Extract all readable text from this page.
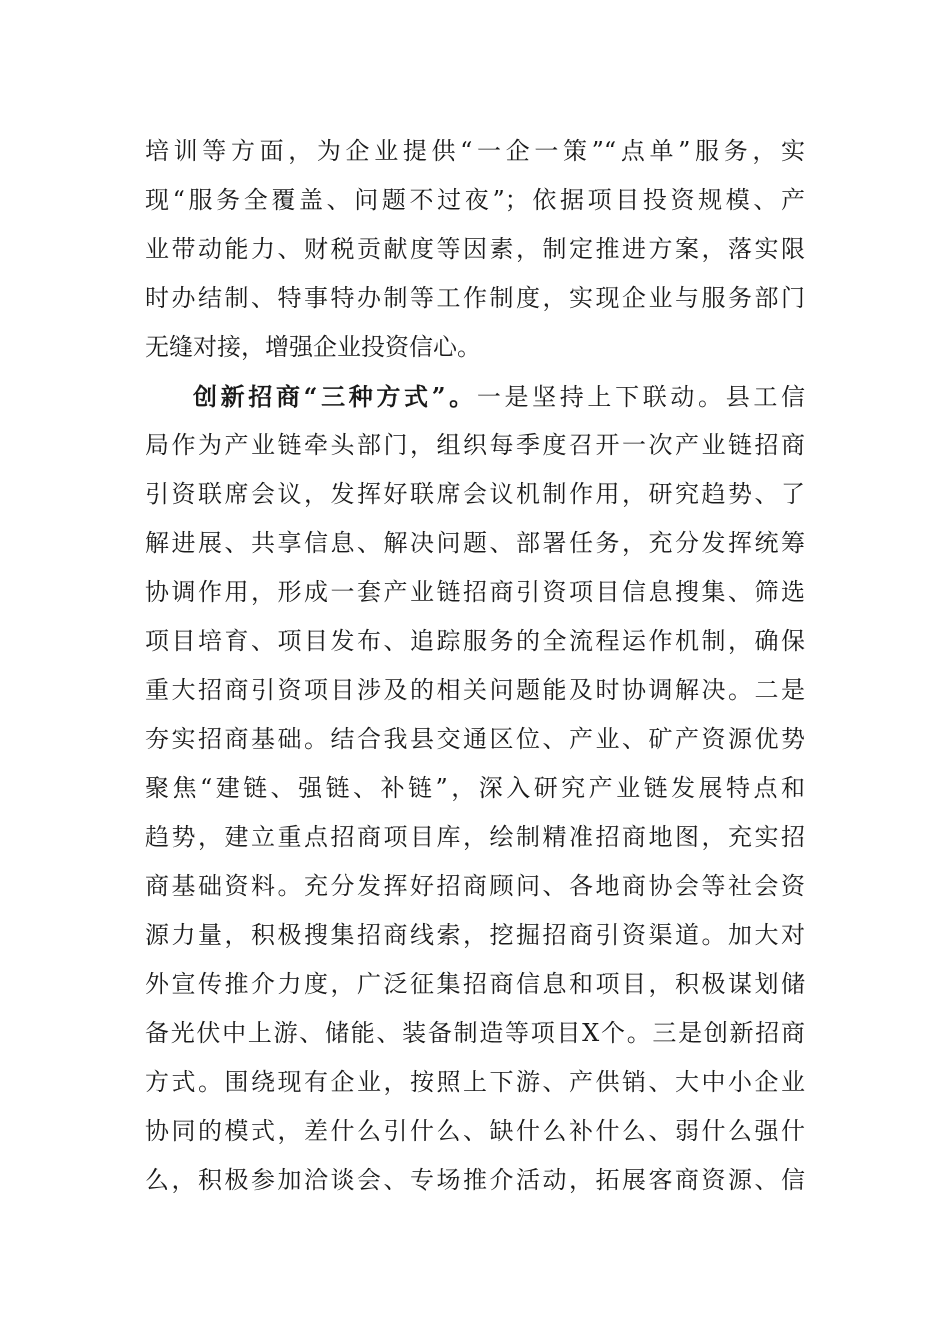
培训等方面，为企业提供“一企一策”“点单”服务，实
现“服务全覆盖、问题不过夜”；依据项目投资规模、产
业带动能力、财税贡献度等因素，制定推进方案，落实限
时办结制、特事特办制等工作制度，实现企业与服务部门
无缝对接，增强企业投资信心。
创新招商“三种方式”。一是坚持上下联动。县工信
局作为产业链牵头部门，组织每季度召开一次产业链招商
引资联席会议，发挥好联席会议机制作用，研究趋势、了
解进展、共享信息、解决问题、部署任务，充分发挥统筹
协调作用，形成一套产业链招商引资项目信息搜集、筛选
项目培育、项目发布、追踪服务的全流程运作机制，确保
重大招商引资项目涉及的相关问题能及时协调解决。二是
夯实招商基础。结合我县交通区位、产业、矿产资源优势
聚焦“建链、强链、补链”，深入研究产业链发展特点和
趋势，建立重点招商项目库，绘制精准招商地图，充实招
商基础资料。充分发挥好招商顾问、各地商协会等社会资
源力量，积极搜集招商线索，挖掘招商引资渠道。加大对
外宣传推介力度，广泛征集招商信息和项目，积极谋划储
备光伏中上游、储能、装备制造等项目X个。三是创新招商
方式。围绕现有企业，按照上下游、产供销、大中小企业
协同的模式，差什么引什么、缺什么补什么、弱什么强什
么，积极参加洽谈会、专场推介活动，拓展客商资源、信
